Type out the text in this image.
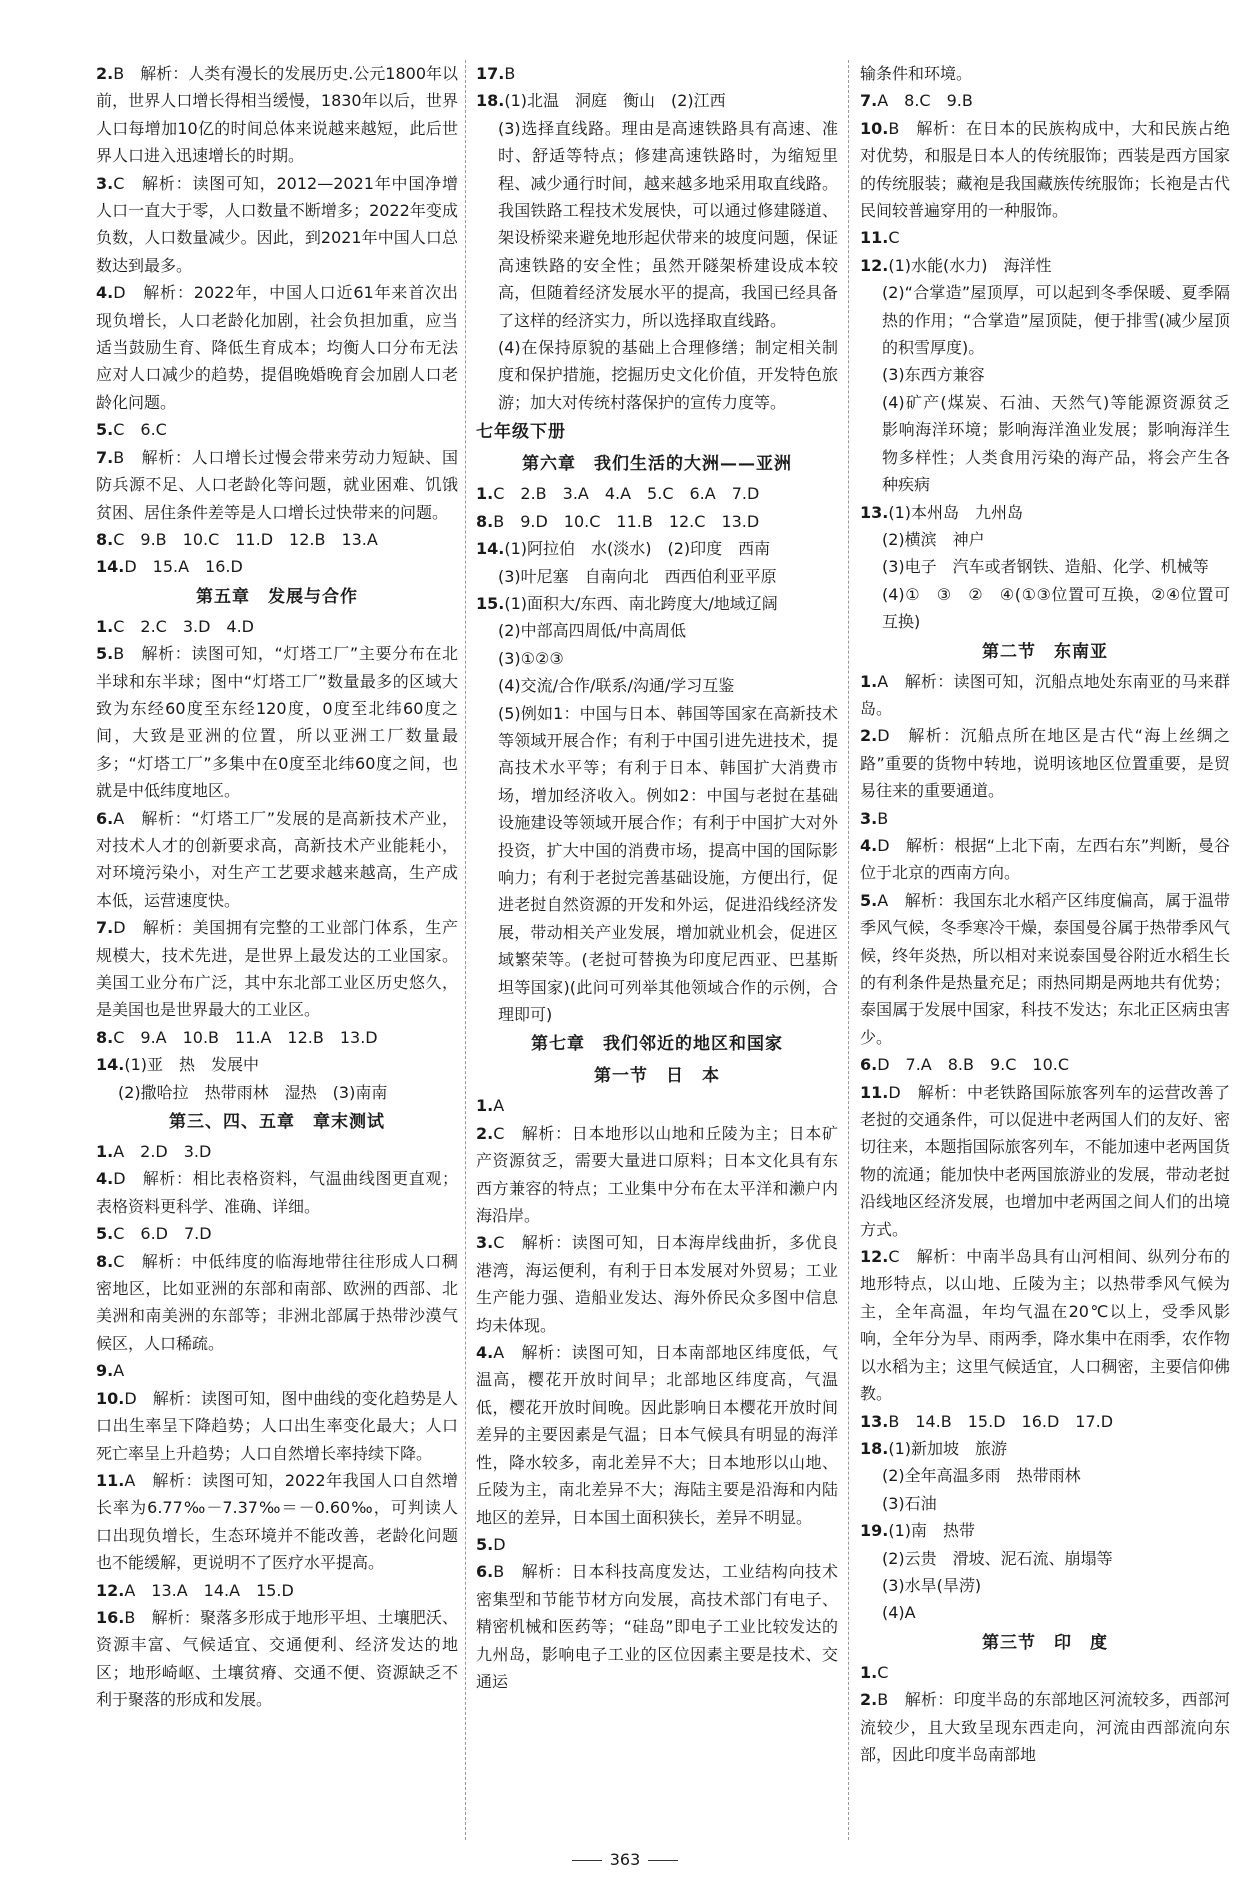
2.B　解析：人类有漫长的发展历史.公元1800年以前，世界人口增长得相当缓慢，1830年以后，世界人口每增加10亿的时间总体来说越来越短，此后世界人口进入迅速增长的时期。

3.C　解析：读图可知，2012—2021年中国净增人口一直大于零，人口数量不断增多；2022年变成负数，人口数量减少。因此，到2021年中国人口总数达到最多。

4.D　解析：2022年，中国人口近61年来首次出现负增长，人口老龄化加剧，社会负担加重，应当适当鼓励生育、降低生育成本；均衡人口分布无法应对人口减少的趋势，提倡晚婚晚育会加剧人口老龄化问题。

5.C　6.C

7.B　解析：人口增长过慢会带来劳动力短缺、国防兵源不足、人口老龄化等问题，就业困难、饥饿贫困、居住条件差等是人口增长过快带来的问题。

8.C　9.B　10.C　11.D　12.B　13.A

14.D　15.A　16.D

第五章　发展与合作

1.C　2.C　3.D　4.D

5.B　解析：读图可知，“灯塔工厂”主要分布在北半球和东半球；图中“灯塔工厂”数量最多的区域大致为东经60度至东经120度，0度至北纬60度之间，大致是亚洲的位置，所以亚洲工厂数量最多；“灯塔工厂”多集中在0度至北纬60度之间，也就是中低纬度地区。

6.A　解析：“灯塔工厂”发展的是高新技术产业，对技术人才的创新要求高，高新技术产业能耗小，对环境污染小，对生产工艺要求越来越高，生产成本低，运营速度快。

7.D　解析：美国拥有完整的工业部门体系，生产规模大，技术先进，是世界上最发达的工业国家。美国工业分布广泛，其中东北部工业区历史悠久，是美国也是世界最大的工业区。

8.C　9.A　10.B　11.A　12.B　13.D

14.(1)亚　热　发展中

(2)撒哈拉　热带雨林　湿热　(3)南南

第三、四、五章　章末测试

1.A　2.D　3.D

4.D　解析：相比表格资料，气温曲线图更直观；表格资料更科学、准确、详细。

5.C　6.D　7.D

8.C　解析：中低纬度的临海地带往往形成人口稠密地区，比如亚洲的东部和南部、欧洲的西部、北美洲和南美洲的东部等；非洲北部属于热带沙漠气候区，人口稀疏。

9.A

10.D　解析：读图可知，图中曲线的变化趋势是人口出生率呈下降趋势；人口出生率变化最大；人口死亡率呈上升趋势；人口自然增长率持续下降。

11.A　解析：读图可知，2022年我国人口自然增长率为6.77‰－7.37‰＝－0.60‰，可判读人口出现负增长，生态环境并不能改善，老龄化问题也不能缓解，更说明不了医疗水平提高。

12.A　13.A　14.A　15.D

16.B　解析：聚落多形成于地形平坦、土壤肥沃、资源丰富、气候适宜、交通便利、经济发达的地区；地形崎岖、土壤贫瘠、交通不便、资源缺乏不利于聚落的形成和发展。

17.B

18.(1)北温　洞庭　衡山　(2)江西

(3)选择直线路。理由是高速铁路具有高速、准时、舒适等特点；修建高速铁路时，为缩短里程、减少通行时间，越来越多地采用取直线路。我国铁路工程技术发展快，可以通过修建隧道、架设桥梁来避免地形起伏带来的坡度问题，保证高速铁路的安全性；虽然开隧架桥建设成本较高，但随着经济发展水平的提高，我国已经具备了这样的经济实力，所以选择取直线路。

(4)在保持原貌的基础上合理修缮；制定相关制度和保护措施，挖掘历史文化价值，开发特色旅游；加大对传统村落保护的宣传力度等。

七年级下册

第六章　我们生活的大洲——亚洲

1.C　2.B　3.A　4.A　5.C　6.A　7.D

8.B　9.D　10.C　11.B　12.C　13.D

14.(1)阿拉伯　水(淡水)　(2)印度　西南

(3)叶尼塞　自南向北　西西伯利亚平原

15.(1)面积大/东西、南北跨度大/地域辽阔

(2)中部高四周低/中高周低

(3)①②③

(4)交流/合作/联系/沟通/学习互鉴

(5)例如1：中国与日本、韩国等国家在高新技术等领域开展合作；有利于中国引进先进技术，提高技术水平等；有利于日本、韩国扩大消费市场，增加经济收入。例如2：中国与老挝在基础设施建设等领域开展合作；有利于中国扩大对外投资，扩大中国的消费市场，提高中国的国际影响力；有利于老挝完善基础设施，方便出行，促进老挝自然资源的开发和外运，促进沿线经济发展，带动相关产业发展，增加就业机会，促进区域繁荣等。(老挝可替换为印度尼西亚、巴基斯坦等国家)(此问可列举其他领域合作的示例，合理即可)

第七章　我们邻近的地区和国家

第一节　日　本

1.A

2.C　解析：日本地形以山地和丘陵为主；日本矿产资源贫乏，需要大量进口原料；日本文化具有东西方兼容的特点；工业集中分布在太平洋和濑户内海沿岸。

3.C　解析：读图可知，日本海岸线曲折，多优良港湾，海运便利，有利于日本发展对外贸易；工业生产能力强、造船业发达、海外侨民众多图中信息均未体现。

4.A　解析：读图可知，日本南部地区纬度低，气温高，樱花开放时间早；北部地区纬度高，气温低，樱花开放时间晚。因此影响日本樱花开放时间差异的主要因素是气温；日本气候具有明显的海洋性，降水较多，南北差异不大；日本地形以山地、丘陵为主，南北差异不大；海陆主要是沿海和内陆地区的差异，日本国土面积狭长，差异不明显。

5.D

6.B　解析：日本科技高度发达，工业结构向技术密集型和节能节材方向发展，高技术部门有电子、精密机械和医药等；“硅岛”即电子工业比较发达的九州岛，影响电子工业的区位因素主要是技术、交通运

输条件和环境。

7.A　8.C　9.B

10.B　解析：在日本的民族构成中，大和民族占绝对优势，和服是日本人的传统服饰；西装是西方国家的传统服装；藏袍是我国藏族传统服饰；长袍是古代民间较普遍穿用的一种服饰。

11.C

12.(1)水能(水力)　海洋性

(2)“合掌造”屋顶厚，可以起到冬季保暖、夏季隔热的作用；“合掌造”屋顶陡，便于排雪(减少屋顶的积雪厚度)。

(3)东西方兼容

(4)矿产(煤炭、石油、天然气)等能源资源贫乏　影响海洋环境；影响海洋渔业发展；影响海洋生物多样性；人类食用污染的海产品，将会产生各种疾病

13.(1)本州岛　九州岛

(2)横滨　神户

(3)电子　汽车或者钢铁、造船、化学、机械等

(4)①　③　②　④(①③位置可互换，②④位置可互换)

第二节　东南亚

1.A　解析：读图可知，沉船点地处东南亚的马来群岛。

2.D　解析：沉船点所在地区是古代“海上丝绸之路”重要的货物中转地，说明该地区位置重要，是贸易往来的重要通道。

3.B

4.D　解析：根据“上北下南，左西右东”判断，曼谷位于北京的西南方向。

5.A　解析：我国东北水稻产区纬度偏高，属于温带季风气候，冬季寒冷干燥，泰国曼谷属于热带季风气候，终年炎热，所以相对来说泰国曼谷附近水稻生长的有利条件是热量充足；雨热同期是两地共有优势；泰国属于发展中国家，科技不发达；东北正区病虫害少。

6.D　7.A　8.B　9.C　10.C

11.D　解析：中老铁路国际旅客列车的运营改善了老挝的交通条件，可以促进中老两国人们的友好、密切往来，本题指国际旅客列车，不能加速中老两国货物的流通；能加快中老两国旅游业的发展，带动老挝沿线地区经济发展，也增加中老两国之间人们的出境方式。

12.C　解析：中南半岛具有山河相间、纵列分布的地形特点，以山地、丘陵为主；以热带季风气候为主，全年高温，年均气温在20℃以上，受季风影响，全年分为旱、雨两季，降水集中在雨季，农作物以水稻为主；这里气候适宜，人口稠密，主要信仰佛教。

13.B　14.B　15.D　16.D　17.D

18.(1)新加坡　旅游

(2)全年高温多雨　热带雨林

(3)石油

19.(1)南　热带

(2)云贵　滑坡、泥石流、崩塌等

(3)水旱(旱涝)

(4)A

第三节　印　度

1.C

2.B　解析：印度半岛的东部地区河流较多，西部河流较少，且大致呈现东西走向，河流由西部流向东部，因此印度半岛南部地

363
